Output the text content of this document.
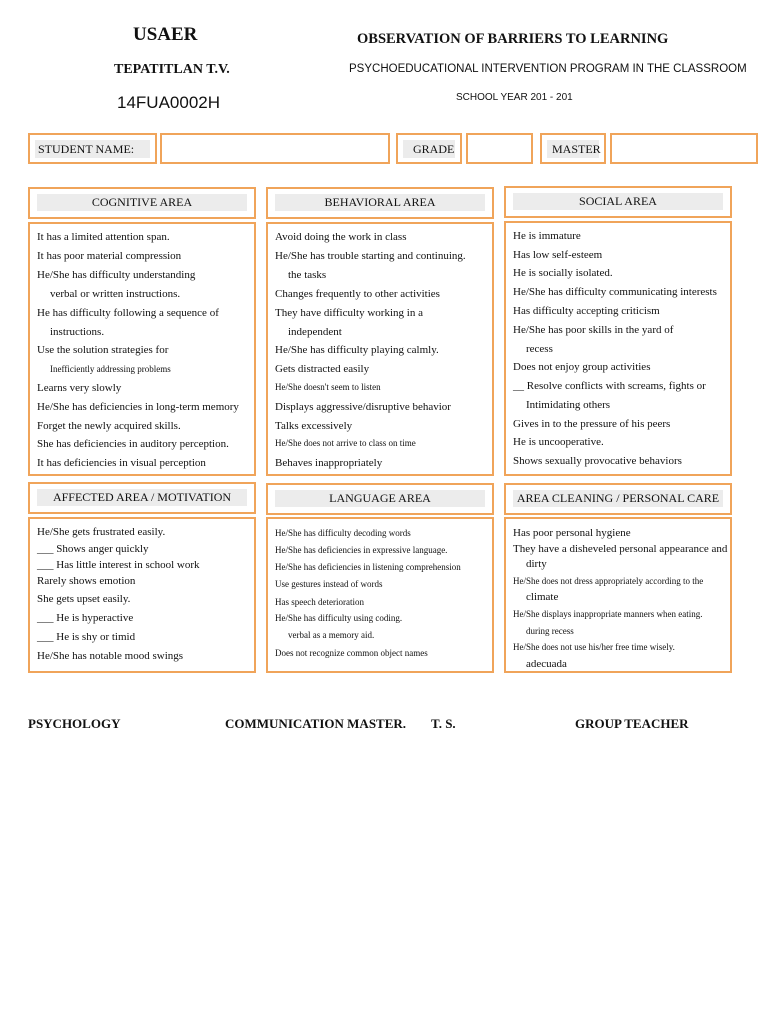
USAER
TEPATITLAN T.V.
14FUA0002H
OBSERVATION OF BARRIERS TO LEARNING
PSYCHOEDUCATIONAL INTERVENTION PROGRAM IN THE CLASSROOM
SCHOOL YEAR 201 - 201
STUDENT NAME:	GRADE	MASTER
COGNITIVE AREA	BEHAVIORAL AREA	SOCIAL AREA
It has a limited attention span.
It has poor material compression
He/She has difficulty understanding
verbal or written instructions.
He has difficulty following a sequence of
instructions.
Use the solution strategies for
Inefficiently addressing problems
Learns very slowly
He/She has deficiencies in long-term memory
Forget the newly acquired skills.
She has deficiencies in auditory perception.
It has deficiencies in visual perception
Avoid doing the work in class
He/She has trouble starting and continuing.
the tasks
Changes frequently to other activities
They have difficulty working in a
independent
He/She has difficulty playing calmly.
Gets distracted easily
He/She doesn't seem to listen
Displays aggressive/disruptive behavior
Talks excessively
He/She does not arrive to class on time
Behaves inappropriately
He is immature
Has low self-esteem
He is socially isolated.
He/She has difficulty communicating interests
Has difficulty accepting criticism
He/She has poor skills in the yard of
recess
Does not enjoy group activities
__ Resolve conflicts with screams, fights or
Intimidating others
Gives in to the pressure of his peers
He is uncooperative.
Shows sexually provocative behaviors
AFFECTED AREA / MOTIVATION	LANGUAGE AREA	AREA CLEANING / PERSONAL CARE
He/She gets frustrated easily.
___ Shows anger quickly
___ Has little interest in school work
Rarely shows emotion
She gets upset easily.
___ He is hyperactive
___ He is shy or timid
He/She has notable mood swings
He/She has difficulty decoding words
He/She has deficiencies in expressive language.
He/She has deficiencies in listening comprehension
Use gestures instead of words
Has speech deterioration
He/She has difficulty using coding.
verbal as a memory aid.
Does not recognize common object names
Has poor personal hygiene
They have a disheveled personal appearance and
dirty
He/She does not dress appropriately according to the
climate
He/She displays inappropriate manners when eating.
during recess
He/She does not use his/her free time wisely.
adecuada
PSYCHOLOGY	COMMUNICATION MASTER. T. S.	GROUP TEACHER
